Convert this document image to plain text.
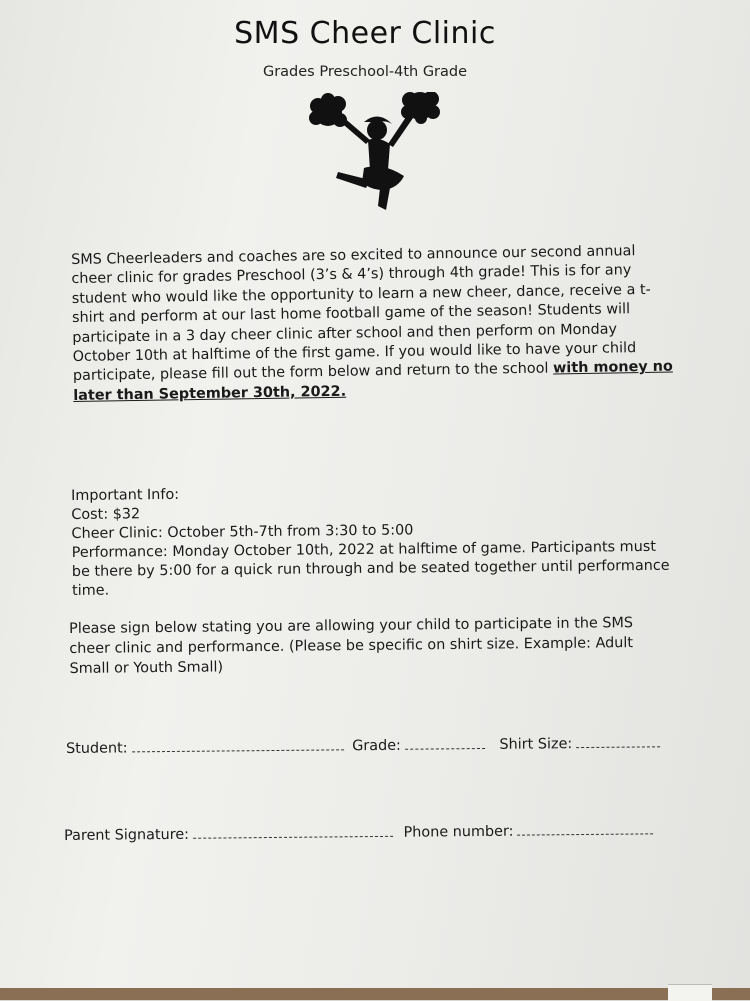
SMS Cheer Clinic
Grades Preschool-4th Grade

SMS Cheerleaders and coaches are so excited to announce our second annual cheer clinic for grades Preschool (3’s & 4’s) through 4th grade! This is for any student who would like the opportunity to learn a new cheer, dance, receive a t-shirt and perform at our last home football game of the season! Students will participate in a 3 day cheer clinic after school and then perform on Monday October 10th at halftime of the first game. If you would like to have your child participate, please fill out the form below and return to the school with money no later than September 30th, 2022.

Important Info:
Cost: $32
Cheer Clinic: October 5th-7th from 3:30 to 5:00
Performance: Monday October 10th, 2022 at halftime of game. Participants must be there by 5:00 for a quick run through and be seated together until performance time.

Please sign below stating you are allowing your child to participate in the SMS cheer clinic and performance. (Please be specific on shirt size. Example: Adult Small or Youth Small)

Student:	Grade:	Shirt Size:
Parent Signature:	Phone number:
